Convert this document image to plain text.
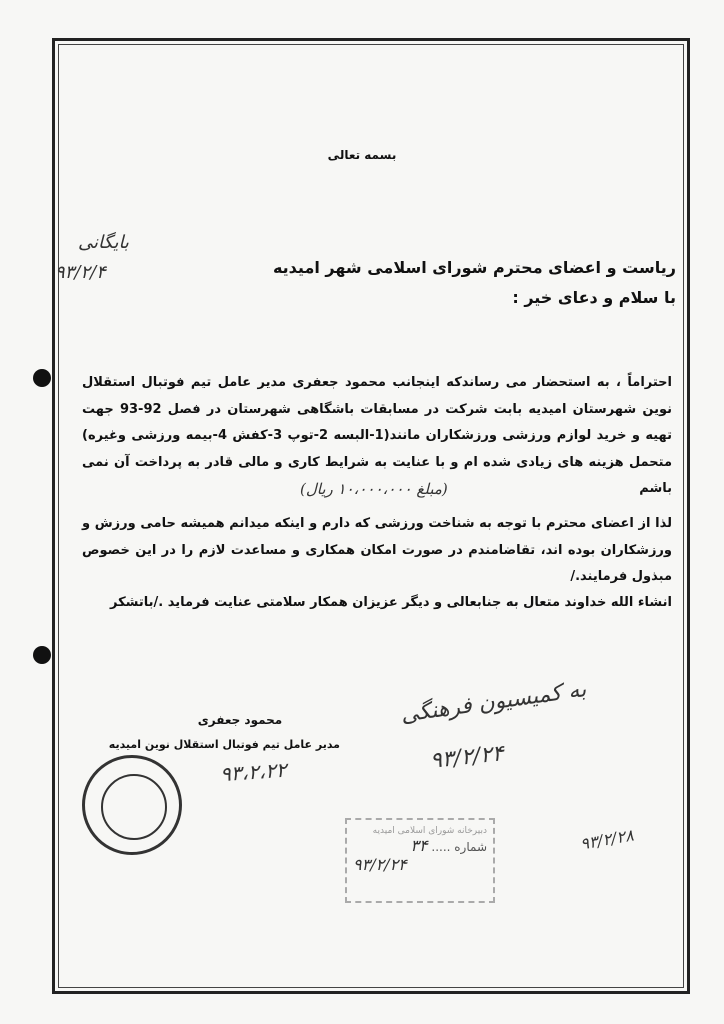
بسمه تعالی
بایگانی
۹۳/۲/۴	ریاست و اعضای محترم شورای اسلامی شهر امیدیه
با سلام و دعای خیر :
احتراماً ، به استحضار می رساندکه اینجانب محمود جعفری مدیر عامل تیم فوتبال استقلال نوین شهرستان امیدیه بابت شرکت در مسابقات باشگاهی شهرستان در فصل 92-93 جهت تهیه و خرید لوازم ورزشی ورزشکاران مانند(1-البسه 2-توپ 3-کفش 4-بیمه ورزشی وغیره) متحمل هزینه های زیادی شده ام و با عنایت به شرایط کاری و مالی قادر به پرداخت آن نمی باشم
(مبلغ ۱۰،۰۰۰،۰۰۰ ریال)
لذا از اعضای محترم با توجه به شناخت ورزشی که دارم و اینکه میدانم همیشه حامی ورزش و ورزشکاران بوده اند، تقاضامندم در صورت امکان همکاری و مساعدت لازم را در این خصوص مبذول فرمایند./
انشاء الله خداوند متعال به جنابعالی و دیگر عزیزان همکار سلامتی عنایت فرماید ./باتشکر
به کمیسیون فرهنگی
۹۳/۲/۲۴
محمود جعفری
مدیر عامل تیم فوتبال استقلال نوین امیدیه
۹۳،۲،۲۲
دبیرخانه شورای اسلامی امیدیه
شماره ..... ۳۴
۹۳/۲/۲۴
۹۳/۲/۲۸
